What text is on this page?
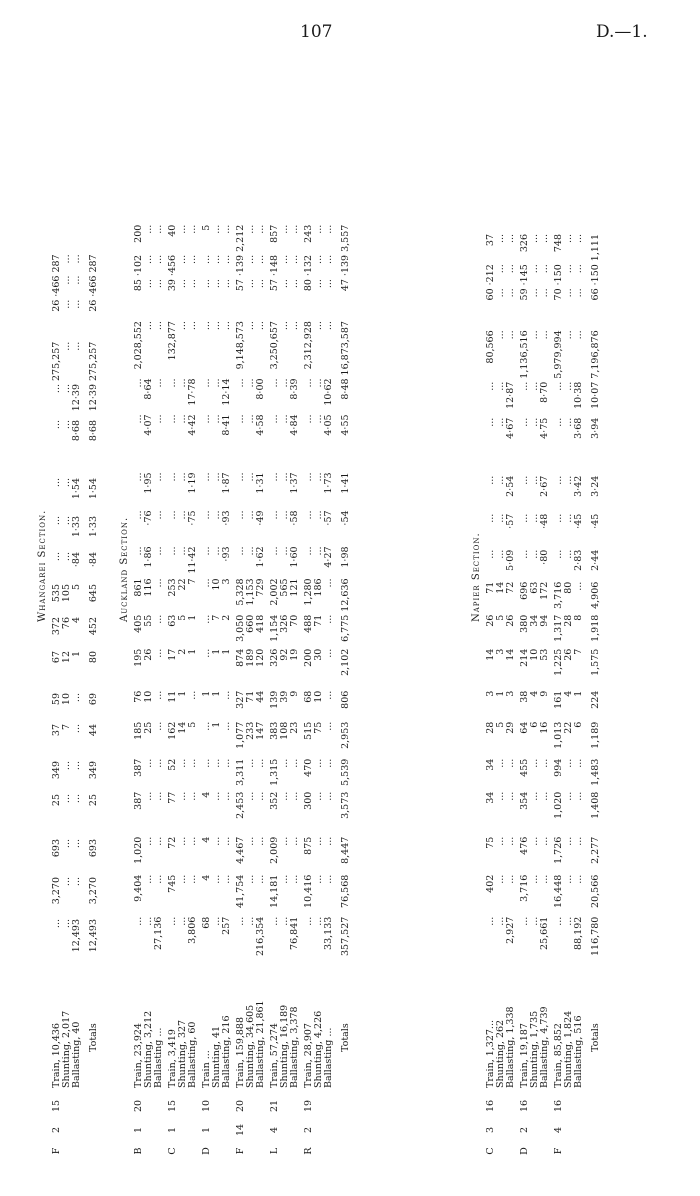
107	D.—1.
Whangarei Section.
F	2	15	Train, 10,436	...	3,270	693	25	349	37	59	67	372	535	...	...	...	...	...	275,257	26	·466	287
			Shunting, 2,017	...	...	...	...	...	7	10	12	76	105	...	...	...	...	...	...	...	...	...
			Ballasting, 40	12,493	...	...	...	...	...	...	1	4	5	·84	1·33	1·54	8·68	12·39	...	...	...	...

			Totals	12,493	3,270	693	25	349	44	69	80	452	645	·84	1·33	1·54	8·68	12·39	275,257	26	·466	287
Auckland Section.
B	1	20	Train, 23,924	...	9,404	1,020	387	387	185	76	195	405	861	...	...	...	...	...	2,028,552	85	·102	200
			Shunting, 3,212	...	...	...	...	...	25	10	26	55	116	1·86	·76	1·95	4·07	8·64	...	...	...	...
			Ballasting ...	27,136	...	...	...	...	...	...	...	...	...	...	...	...	...	...	...	...	...	...

C	1	15	Train, 3,419	...	745	72	77	52	162	11	17	63	253	...	...	...	...	...	132,877	39	·456	40
			Shunting, 327	...	...	...	...	...	14	1	2	5	22	...	...	...	...	...	...	...	...	...
			Ballasting, 60	3,806	...	...	...	...	5	...	1	1	7	11·42	·75	1·19	4·42	17·78	...	...	...	...

D	1	10	Train ...	68	4	4	4	...	...	1	...	...	...	...	...	...	...	...	...	...	...	5
			Shunting, 41	...	...	...	...	...	1	1	1	7	10	...	...	...	...	...	...	...	...	...
			Ballasting, 216	257	...	...	...	...	...	...	1	2	3	·93	·93	1·87	8·41	12·14	...	...	...	...

F	14	20	Train, 159,888	...	41,754	4,467	2,453	3,311	1,077	327	874	3,050	5,328	...	...	...	...	...	9,148,573	57	·139	2,212
			Shunting, 34,605	...	...	...	...	...	233	71	189	660	1,153	...	...	...	...	...	...	...	...	...
			Ballasting, 21,861	216,354	...	...	...	...	147	44	120	418	729	1·62	·49	1·31	4·58	8·00	...	...	...	...

L	4	21	Train, 57,274	...	14,181	2,009	352	1,315	383	139	326	1,154	2,002	...	...	...	...	...	3,250,657	57	·148	857
			Shunting, 16,189	...	...	...	...	...	108	39	92	326	565	...	...	...	...	...	...	...	...	...
			Ballasting, 3,378	76,841	...	...	...	...	23	9	19	70	121	1·60	·58	1·37	4·84	8·39	...	...	...	...

R	2	19	Train, 28,907	...	10,416	875	300	470	515	68	200	488	1,280	...	...	...	...	...	2,312,928	80	·132	243
			Shunting, 4,226	...	...	...	...	...	75	10	30	71	186	...	...	...	...	...	...	...	...	...
			Ballasting ...	33,133	...	...	...	...	...	...	...	...	...	4·27	·57	1·73	4·05	10·62	...	...	...	...

			Totals	357,527	76,568	8,447	3,573	5,539	2,953	806	2,102	6,775	12,636	1·98	·54	1·41	4·55	8·48	16,873,587	47	·139	3,557
Napier Section.
C	3	16	Train, 1,327...	...	402	75	34	34	28	3	14	26	71	...	...	...	...	...	80,566	60	·212	37
			Shunting, 262	...	...	...	...	...	5	1	3	5	14	...	...	...	...	...	...	...	...	...
			Ballasting, 1,338	2,927	...	...	...	...	29	3	14	26	72	5·09	·57	2·54	4·67	12·87	...	...	...	...

D	2	16	Train, 19,187	...	3,716	476	354	455	64	38	214	380	696	...	...	...	...	...	1,136,516	59	·145	326
			Shunting, 1,735	...	...	...	...	...	6	4	10	34	63	...	...	...	...	...	...	...	...	...
			Ballasting, 4,739	25,661	...	...	...	...	16	9	53	94	172	·80	·48	2·67	4·75	8·70	...	...	...	...

F	4	16	Train, 85,852	...	16,448	1,726	1,020	994	1,013	161	1,225	1,317	3,716	...	...	...	...	...	5,979,994	70	·150	748
			Shunting, 1,824	...	...	...	...	...	22	4	26	28	80	...	...	...	...	...	...	...	...	...
			Ballasting, 516	88,192	...	...	...	...	6	1	7	8	...	2·83	·45	3·42	3·68	10·38	...	...	...	...

			Totals	116,780	20,566	2,277	1,408	1,483	1,189	224	1,575	1,918	4,906	2·44	·45	3·24	3·94	10·07	7,196,876	66	·150	1,111
